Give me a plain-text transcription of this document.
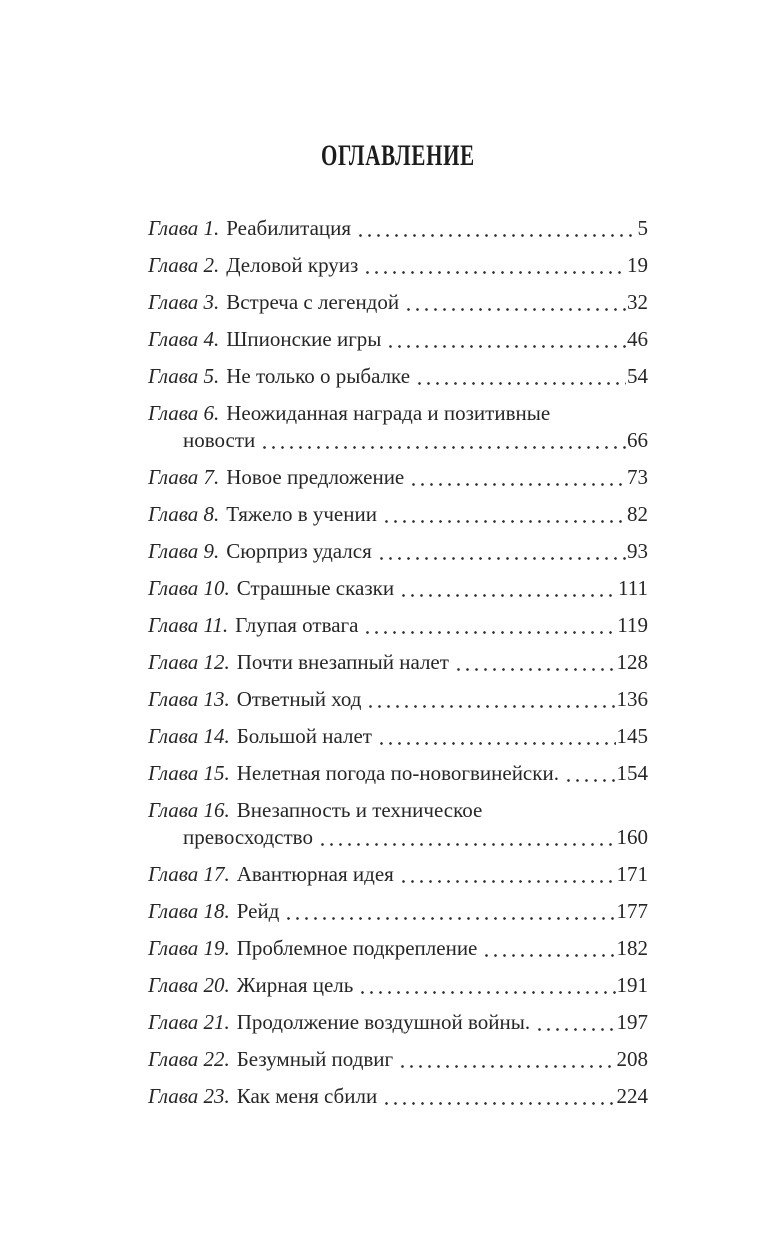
ОГЛАВЛЕНИЕ
Глава 1. Реабилитация	5
Глава 2. Деловой круиз	19
Глава 3. Встреча с легендой	32
Глава 4. Шпионские игры	46
Глава 5. Не только о рыбалке	54
Глава 6. Неожиданная награда и позитивные
новости	66
Глава 7. Новое предложение	73
Глава 8. Тяжело в учении	82
Глава 9. Сюрприз удался	93
Глава 10. Страшные сказки	111
Глава 11. Глупая отвага	119
Глава 12. Почти внезапный налет	128
Глава 13. Ответный ход	136
Глава 14. Большой налет	145
Глава 15. Нелетная погода по-новогвинейски.	154
Глава 16. Внезапность и техническое
превосходство	160
Глава 17. Авантюрная идея	171
Глава 18. Рейд	177
Глава 19. Проблемное подкрепление	182
Глава 20. Жирная цель	191
Глава 21. Продолжение воздушной войны.	197
Глава 22. Безумный подвиг	208
Глава 23. Как меня сбили	224
